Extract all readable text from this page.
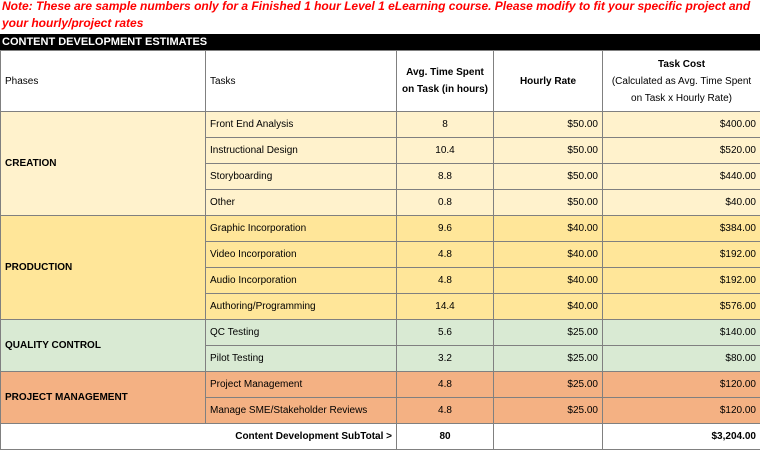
Note: These are sample numbers only for a Finished 1 hour Level 1 eLearning course. Please modify to fit your specific project and your hourly/project rates
CONTENT DEVELOPMENT ESTIMATES
Phases	Tasks	Avg. Time Spent on Task (in hours)	Hourly Rate	Task Cost
(Calculated as Avg. Time Spent on Task x Hourly Rate)

CREATION	Front End Analysis	8	$50.00	$400.00
	Instructional Design	10.4	$50.00	$520.00
	Storyboarding	8.8	$50.00	$440.00
	Other	0.8	$50.00	$40.00
PRODUCTION	Graphic Incorporation	9.6	$40.00	$384.00
	Video Incorporation	4.8	$40.00	$192.00
	Audio Incorporation	4.8	$40.00	$192.00
	Authoring/Programming	14.4	$40.00	$576.00
QUALITY CONTROL	QC Testing	5.6	$25.00	$140.00
	Pilot Testing	3.2	$25.00	$80.00
PROJECT MANAGEMENT	Project Management	4.8	$25.00	$120.00
	Manage SME/Stakeholder Reviews	4.8	$25.00	$120.00
Content Development SubTotal >		80		$3,204.00
